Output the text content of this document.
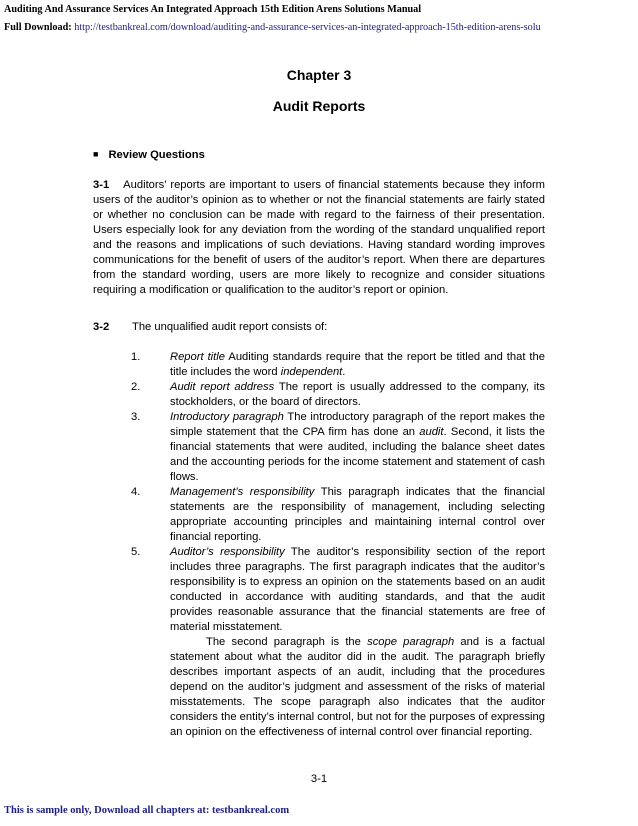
Auditing And Assurance Services An Integrated Approach 15th Edition Arens Solutions Manual
Full Download: http://testbankreal.com/download/auditing-and-assurance-services-an-integrated-approach-15th-edition-arens-solu
Chapter 3
Audit Reports
■ Review Questions
3-1 Auditors’ reports are important to users of financial statements because they inform users of the auditor’s opinion as to whether or not the financial statements are fairly stated or whether no conclusion can be made with regard to the fairness of their presentation. Users especially look for any deviation from the wording of the standard unqualified report and the reasons and implications of such deviations. Having standard wording improves communications for the benefit of users of the auditor’s report. When there are departures from the standard wording, users are more likely to recognize and consider situations requiring a modification or qualification to the auditor’s report or opinion.
3-2 The unqualified audit report consists of:
1.	Report title Auditing standards require that the report be titled and that the title includes the word independent.
2.	Audit report address The report is usually addressed to the company, its stockholders, or the board of directors.
3.	Introductory paragraph The introductory paragraph of the report makes the simple statement that the CPA firm has done an audit. Second, it lists the financial statements that were audited, including the balance sheet dates and the accounting periods for the income statement and statement of cash flows.
4.	Management’s responsibility This paragraph indicates that the financial statements are the responsibility of management, including selecting appropriate accounting principles and maintaining internal control over financial reporting.
5.	Auditor’s responsibility The auditor’s responsibility section of the report includes three paragraphs. The first paragraph indicates that the auditor’s responsibility is to express an opinion on the statements based on an audit conducted in accordance with auditing standards, and that the audit provides reasonable assurance that the financial statements are free of material misstatement.
The second paragraph is the scope paragraph and is a factual statement about what the auditor did in the audit. The paragraph briefly describes important aspects of an audit, including that the procedures depend on the auditor’s judgment and assessment of the risks of material misstatements. The scope paragraph also indicates that the auditor considers the entity’s internal control, but not for the purposes of expressing an opinion on the effectiveness of internal control over financial reporting.
3-1
This is sample only, Download all chapters at: testbankreal.com
